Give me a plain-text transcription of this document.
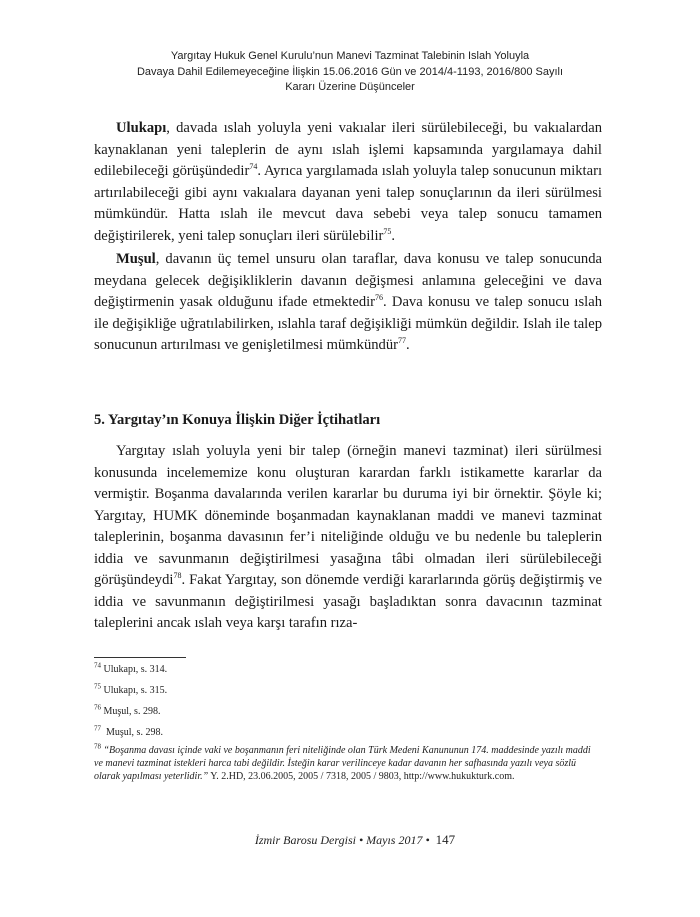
Yargıtay Hukuk Genel Kurulu’nun Manevi Tazminat Talebinin Islah Yoluyla
Davaya Dahil Edilemeyeceğine İlişkin 15.06.2016 Gün ve 2014/4-1193, 2016/800 Sayılı
Kararı Üzerine Düşünceler

Ulukapı, davada ıslah yoluyla yeni vakıalar ileri sürülebileceği, bu vakıalardan kaynaklanan yeni taleplerin de aynı ıslah işlemi kapsamında yargılamaya dahil edilebileceği görüşündedir$^{74}$. Ayrıca yargılamada ıslah yoluyla talep sonucunun miktarı artırılabileceği gibi aynı vakıalara dayanan yeni talep sonuçlarının da ileri sürülmesi mümkündür. Hatta ıslah ile mevcut dava sebebi veya talep sonucu tamamen değiştirilerek, yeni talep sonuçları ileri sürülebilir$^{75}$.

Muşul, davanın üç temel unsuru olan taraflar, dava konusu ve talep sonucunda meydana gelecek değişikliklerin davanın değişmesi anlamına geleceğini ve dava değiştirmenin yasak olduğunu ifade etmektedir$^{76}$. Dava konusu ve talep sonucu ıslah ile değişikliğe uğratılabilirken, ıslahla taraf değişikliği mümkün değildir. Islah ile talep sonucunun artırılması ve genişletilmesi mümkündür$^{77}$.

5. Yargıtay’ın Konuya İlişkin Diğer İçtihatları

Yargıtay ıslah yoluyla yeni bir talep (örneğin manevi tazminat) ileri sürülmesi konusunda incelememize konu oluşturan karardan farklı istikamette kararlar da vermiştir. Boşanma davalarında verilen kararlar bu duruma iyi bir örnektir. Şöyle ki; Yargıtay, HUMK döneminde boşanmadan kaynaklanan maddi ve manevi tazminat taleplerinin, boşanma davasının fer’i niteliğinde olduğu ve bu nedenle bu taleplerin iddia ve savunmanın değiştirilmesi yasağına tâbi olmadan ileri sürülebileceği görüşündeydi$^{78}$. Fakat Yargıtay, son dönemde verdiği kararlarında görüş değiştirmiş ve iddia ve savunmanın değiştirilmesi yasağı başladıktan sonra davacının tazminat taleplerini ancak ıslah veya karşı tarafın rıza-

$^{74}$ Ulukapı, s. 314.
$^{75}$ Ulukapı, s. 315.
$^{76}$ Muşul, s. 298.
$^{77}$ Muşul, s. 298.
$^{78}$ “Boşanma davası içinde vaki ve boşanmanın feri niteliğinde olan Türk Medeni Kanununun 174. maddesinde yazılı maddi ve manevi tazminat istekleri harca tabi değildir. İsteğin karar verilinceye kadar davanın her safhasında yazılı veya sözlü olarak yapılması yeterlidir.” Y. 2.HD, 23.06.2005, 2005 / 7318, 2005 / 9803, http://www.hukukturk.com.
İzmir Barosu Dergisi • Mayıs 2017 • 147
